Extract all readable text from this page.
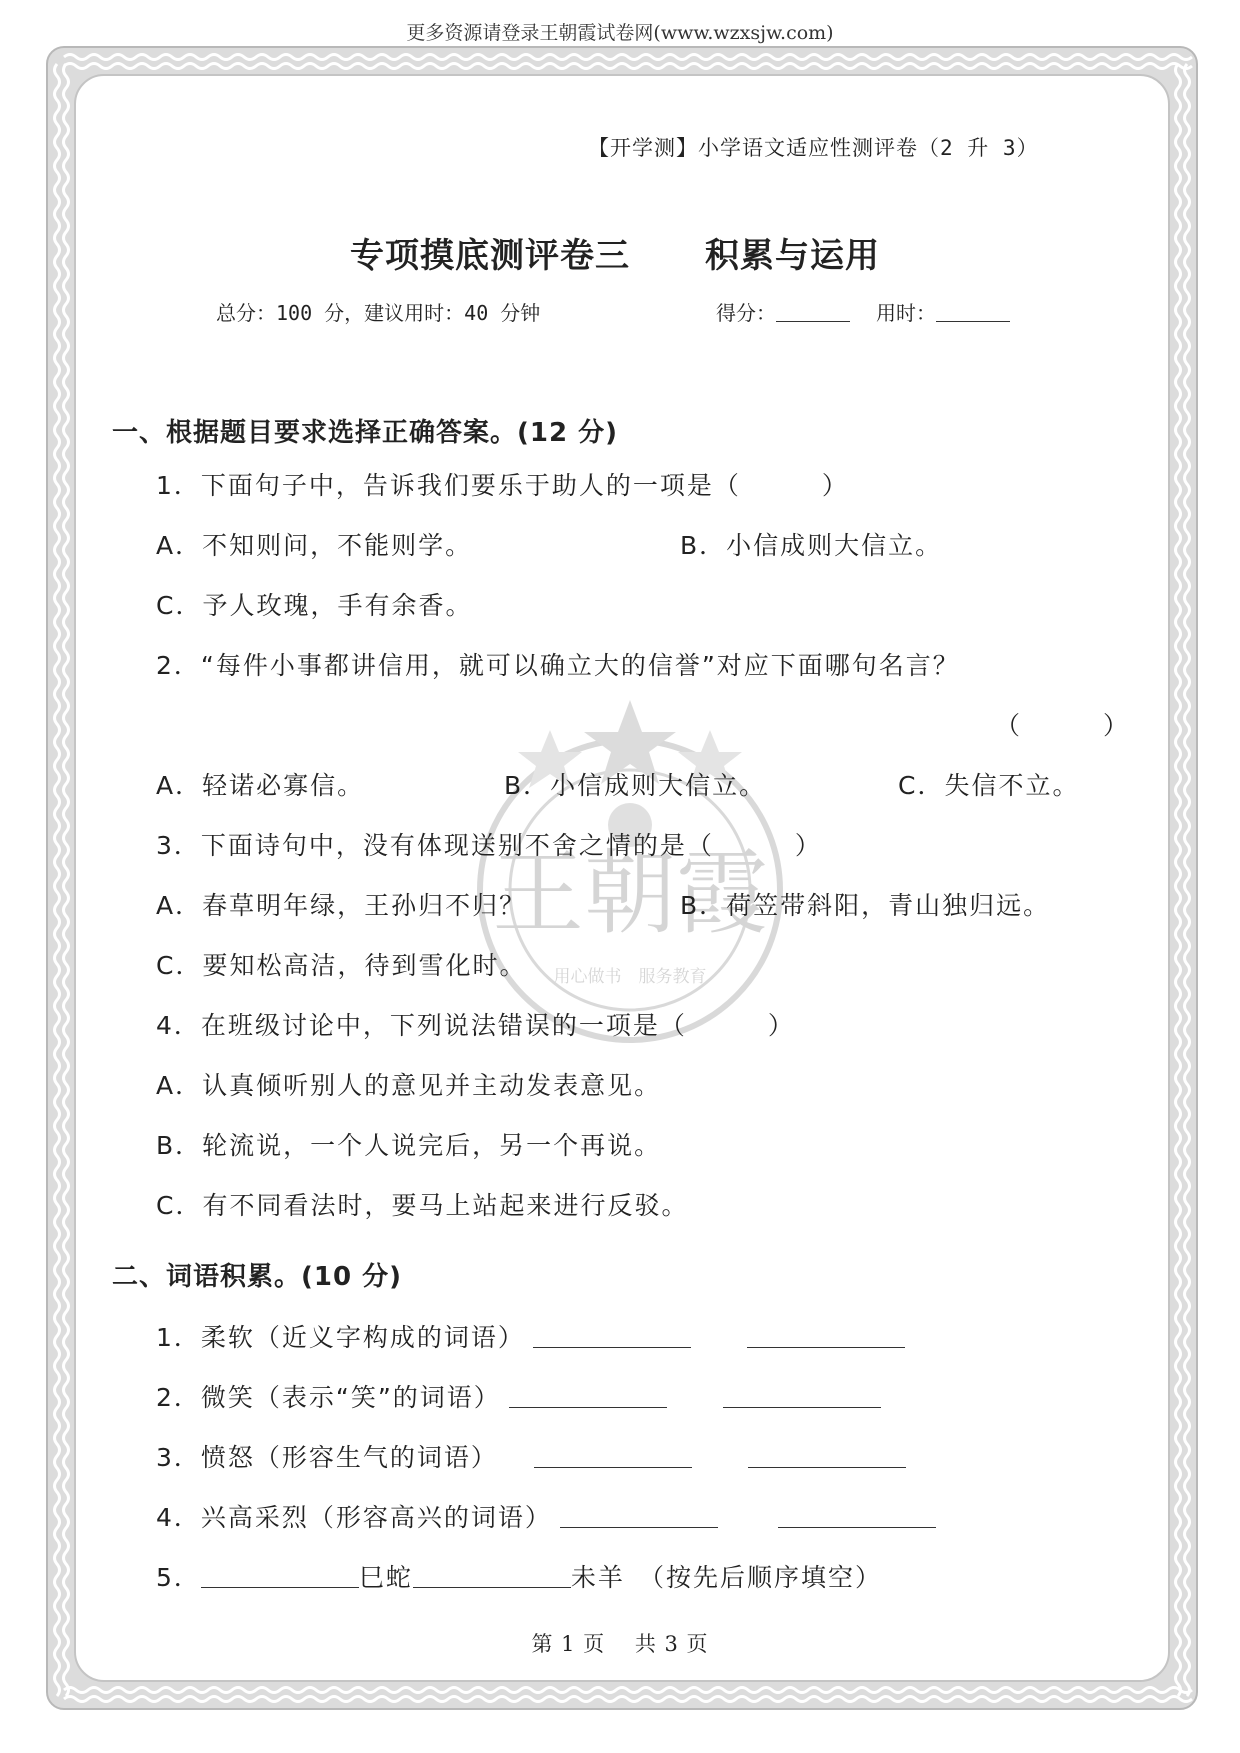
更多资源请登录王朝霞试卷网(www.wzxsjw.com)
王朝霞
用心做书　服务教育
【开学测】小学语文适应性测评卷（2 升 3）
专项摸底测评卷三 积累与运用
总分：100 分，建议用时：40 分钟	得分：	用时：
一、根据题目要求选择正确答案。(12 分)
1．下面句子中，告诉我们要乐于助人的一项是（　　　）
A．不知则问，不能则学。	B．小信成则大信立。
C．予人玫瑰，手有余香。
2．“每件小事都讲信用，就可以确立大的信誉”对应下面哪句名言？
（　　　）
A．轻诺必寡信。	B．小信成则大信立。	C．失信不立。
3．下面诗句中，没有体现送别不舍之情的是（　　　）
A．春草明年绿，王孙归不归？	B．荷笠带斜阳，青山独归远。
C．要知松高洁，待到雪化时。
4．在班级讨论中，下列说法错误的一项是（　　　）
A．认真倾听别人的意见并主动发表意见。
B．轮流说，一个人说完后，另一个再说。
C．有不同看法时，要马上站起来进行反驳。
二、词语积累。(10 分)
1．柔软（近义字构成的词语）
2．微笑（表示“笑”的词语）
3．愤怒（形容生气的词语）
4．兴高采烈（形容高兴的词语）
5．	巳蛇	未羊 （按先后顺序填空）
第 1 页　 共 3 页
